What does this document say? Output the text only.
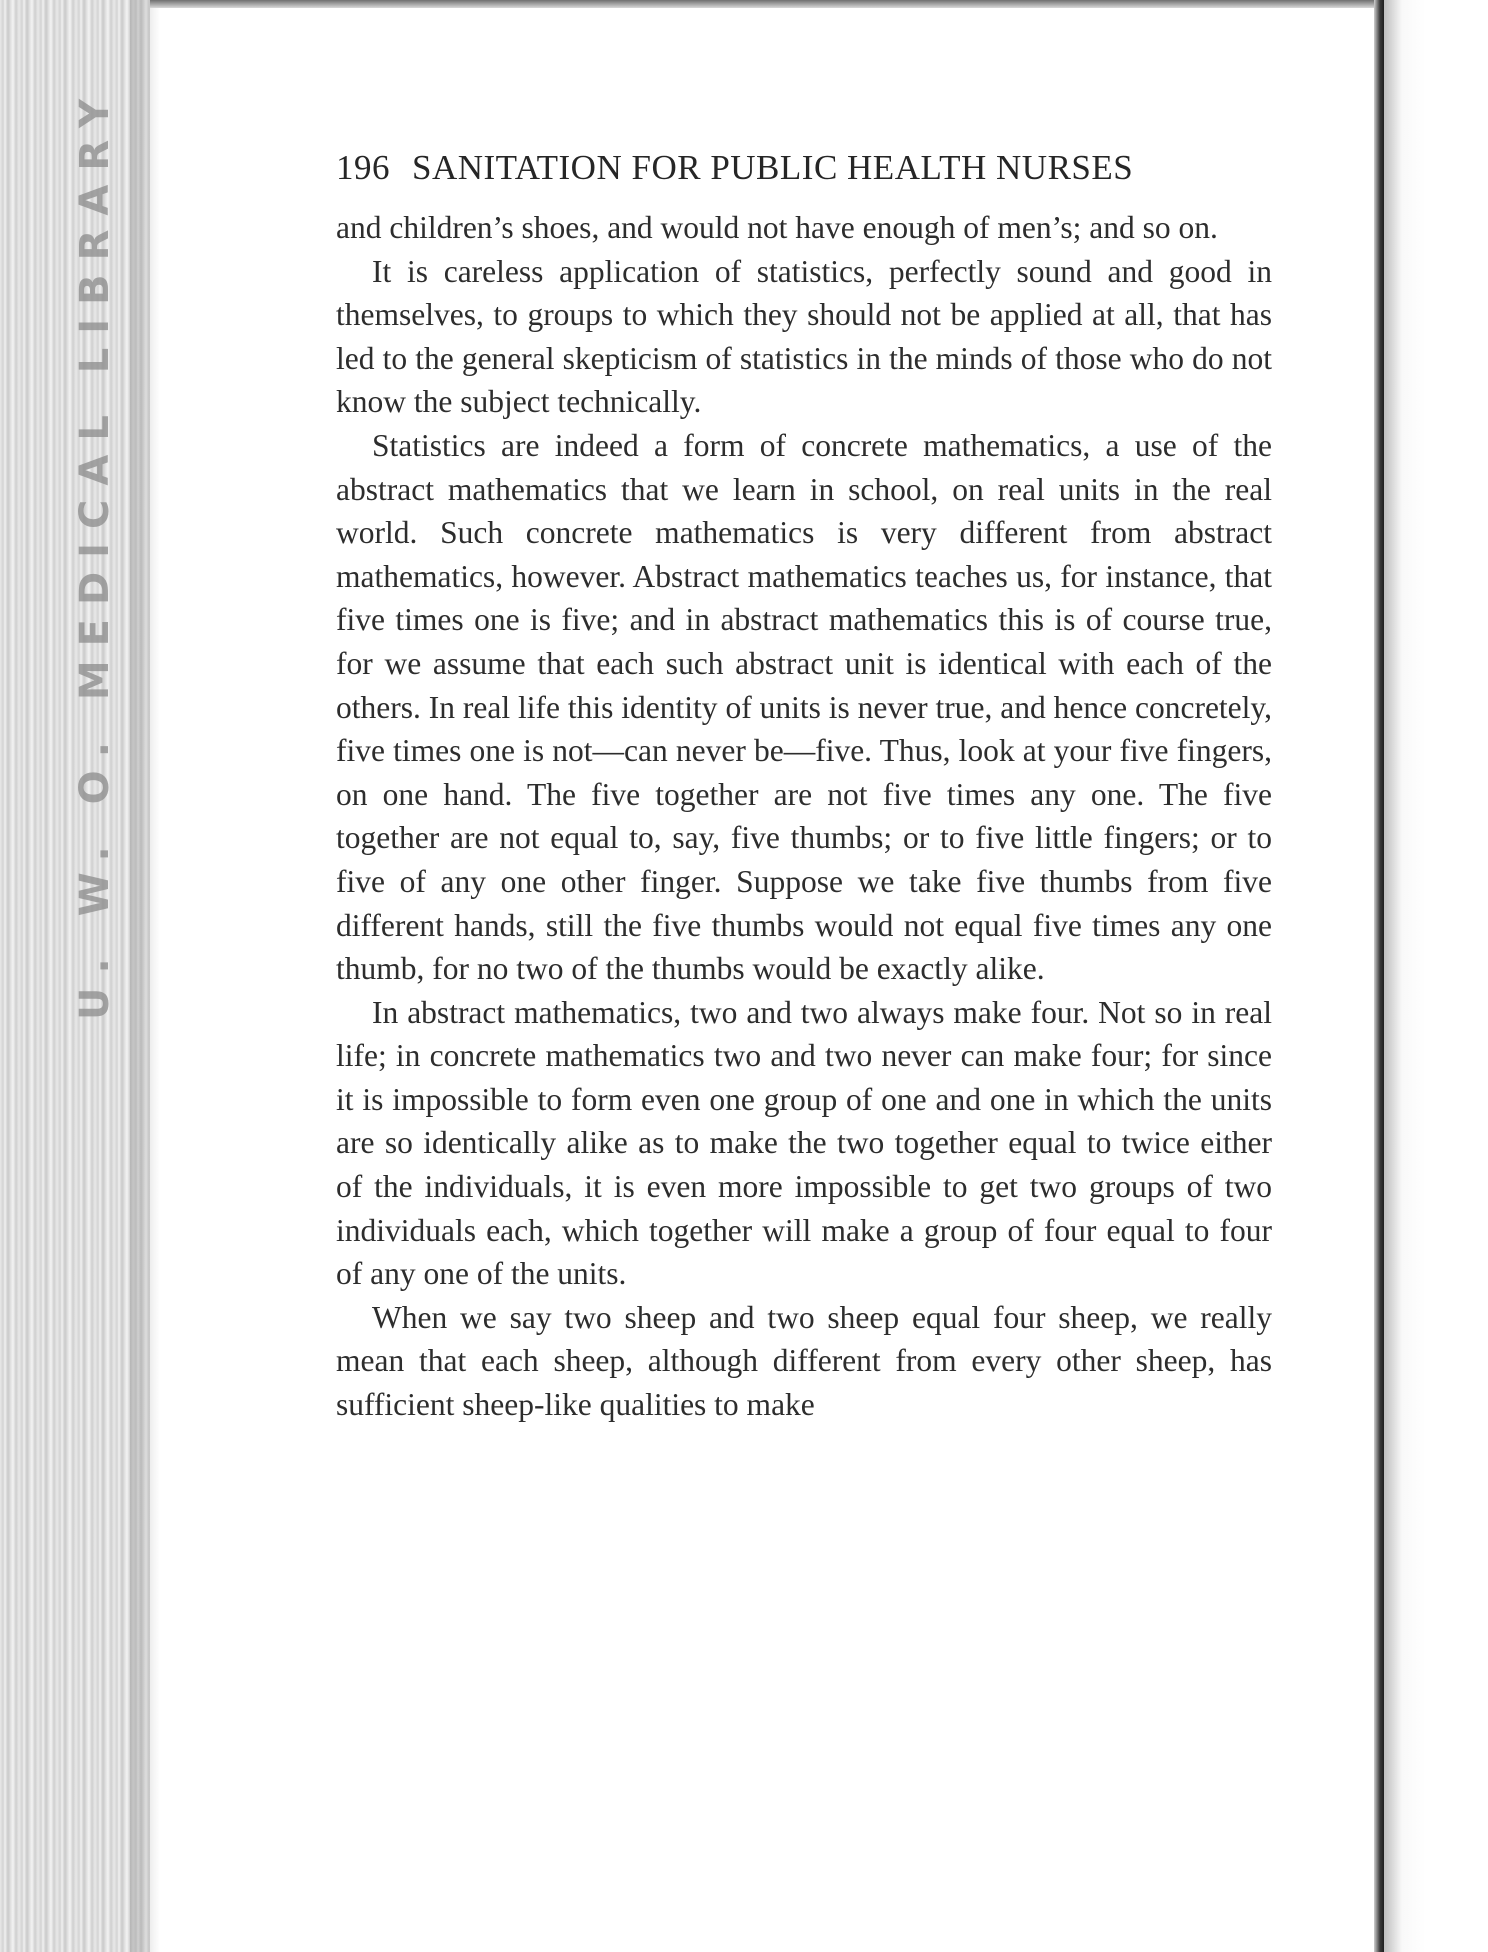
U. W. O. MEDICAL LIBRARY	196 SANITATION FOR PUBLIC HEALTH NURSES

and children’s shoes, and would not have enough of men’s; and so on.

It is careless application of statistics, perfectly sound and good in themselves, to groups to which they should not be applied at all, that has led to the general skepticism of statistics in the minds of those who do not know the subject technically.

Statistics are indeed a form of concrete mathematics, a use of the abstract mathematics that we learn in school, on real units in the real world. Such concrete mathematics is very different from abstract mathematics, however. Abstract mathematics teaches us, for instance, that five times one is five; and in abstract mathematics this is of course true, for we assume that each such abstract unit is identical with each of the others. In real life this identity of units is never true, and hence concretely, five times one is not—can never be—five. Thus, look at your five fingers, on one hand. The five together are not five times any one. The five together are not equal to, say, five thumbs; or to five little fingers; or to five of any one other finger. Suppose we take five thumbs from five different hands, still the five thumbs would not equal five times any one thumb, for no two of the thumbs would be exactly alike.

In abstract mathematics, two and two always make four. Not so in real life; in concrete mathematics two and two never can make four; for since it is impossible to form even one group of one and one in which the units are so identically alike as to make the two together equal to twice either of the individuals, it is even more impossible to get two groups of two individuals each, which together will make a group of four equal to four of any one of the units.

When we say two sheep and two sheep equal four sheep, we really mean that each sheep, although different from every other sheep, has sufficient sheep-like qualities to make
